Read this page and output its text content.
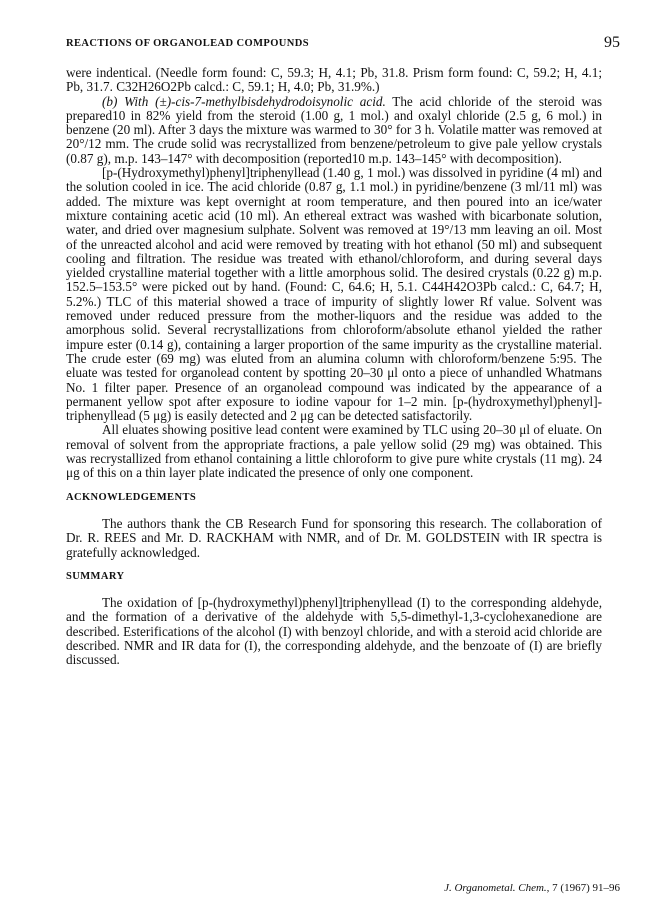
REACTIONS OF ORGANOLEAD COMPOUNDS	95

were indentical. (Needle form found: C, 59.3; H, 4.1; Pb, 31.8. Prism form found: C, 59.2; H, 4.1; Pb, 31.7. C32H26O2Pb calcd.: C, 59.1; H, 4.0; Pb, 31.9%.)

(b) With (±)-cis-7-methylbisdehydrodoisynolic acid. The acid chloride of the steroid was prepared10 in 82% yield from the steroid (1.00 g, 1 mol.) and oxalyl chloride (2.5 g, 6 mol.) in benzene (20 ml). After 3 days the mixture was warmed to 30° for 3 h. Volatile matter was removed at 20°/12 mm. The crude solid was recrystallized from benzene/petroleum to give pale yellow crystals (0.87 g), m.p. 143–147° with decomposition (reported10 m.p. 143–145° with decomposition).

[p-(Hydroxymethyl)phenyl]triphenyllead (1.40 g, 1 mol.) was dissolved in pyridine (4 ml) and the solution cooled in ice. The acid chloride (0.87 g, 1.1 mol.) in pyridine/benzene (3 ml/11 ml) was added. The mixture was kept overnight at room temperature, and then poured into an ice/water mixture containing acetic acid (10 ml). An ethereal extract was washed with bicarbonate solution, water, and dried over magnesium sulphate. Solvent was removed at 19°/13 mm leaving an oil. Most of the unreacted alcohol and acid were removed by treating with hot ethanol (50 ml) and subsequent cooling and filtration. The residue was treated with ethanol/chloroform, and during several days yielded crystalline material together with a little amorphous solid. The desired crystals (0.22 g) m.p. 152.5–153.5° were picked out by hand. (Found: C, 64.6; H, 5.1. C44H42O3Pb calcd.: C, 64.7; H, 5.2%.) TLC of this material showed a trace of impurity of slightly lower Rf value. Solvent was removed under reduced pressure from the mother-liquors and the residue was added to the amorphous solid. Several recrystallizations from chloroform/absolute ethanol yielded the rather impure ester (0.14 g), containing a larger proportion of the same impurity as the crystalline material. The crude ester (69 mg) was eluted from an alumina column with chloroform/benzene 5:95. The eluate was tested for organolead content by spotting 20–30 μl onto a piece of unhandled Whatmans No. 1 filter paper. Presence of an organolead compound was indicated by the appearance of a permanent yellow spot after exposure to iodine vapour for 1–2 min. [p-(hydroxymethyl)phenyl]-triphenyllead (5 μg) is easily detected and 2 μg can be detected satisfactorily.

All eluates showing positive lead content were examined by TLC using 20–30 μl of eluate. On removal of solvent from the appropriate fractions, a pale yellow solid (29 mg) was obtained. This was recrystallized from ethanol containing a little chloroform to give pure white crystals (11 mg). 24 μg of this on a thin layer plate indicated the presence of only one component.

ACKNOWLEDGEMENTS

The authors thank the CB Research Fund for sponsoring this research. The collaboration of Dr. R. REES and Mr. D. RACKHAM with NMR, and of Dr. M. GOLDSTEIN with IR spectra is gratefully acknowledged.

SUMMARY

The oxidation of [p-(hydroxymethyl)phenyl]triphenyllead (I) to the corresponding aldehyde, and the formation of a derivative of the aldehyde with 5,5-dimethyl-1,3-cyclohexanedione are described. Esterifications of the alcohol (I) with benzoyl chloride, and with a steroid acid chloride are described. NMR and IR data for (I), the corresponding aldehyde, and the benzoate of (I) are briefly discussed.

J. Organometal. Chem., 7 (1967) 91–96
